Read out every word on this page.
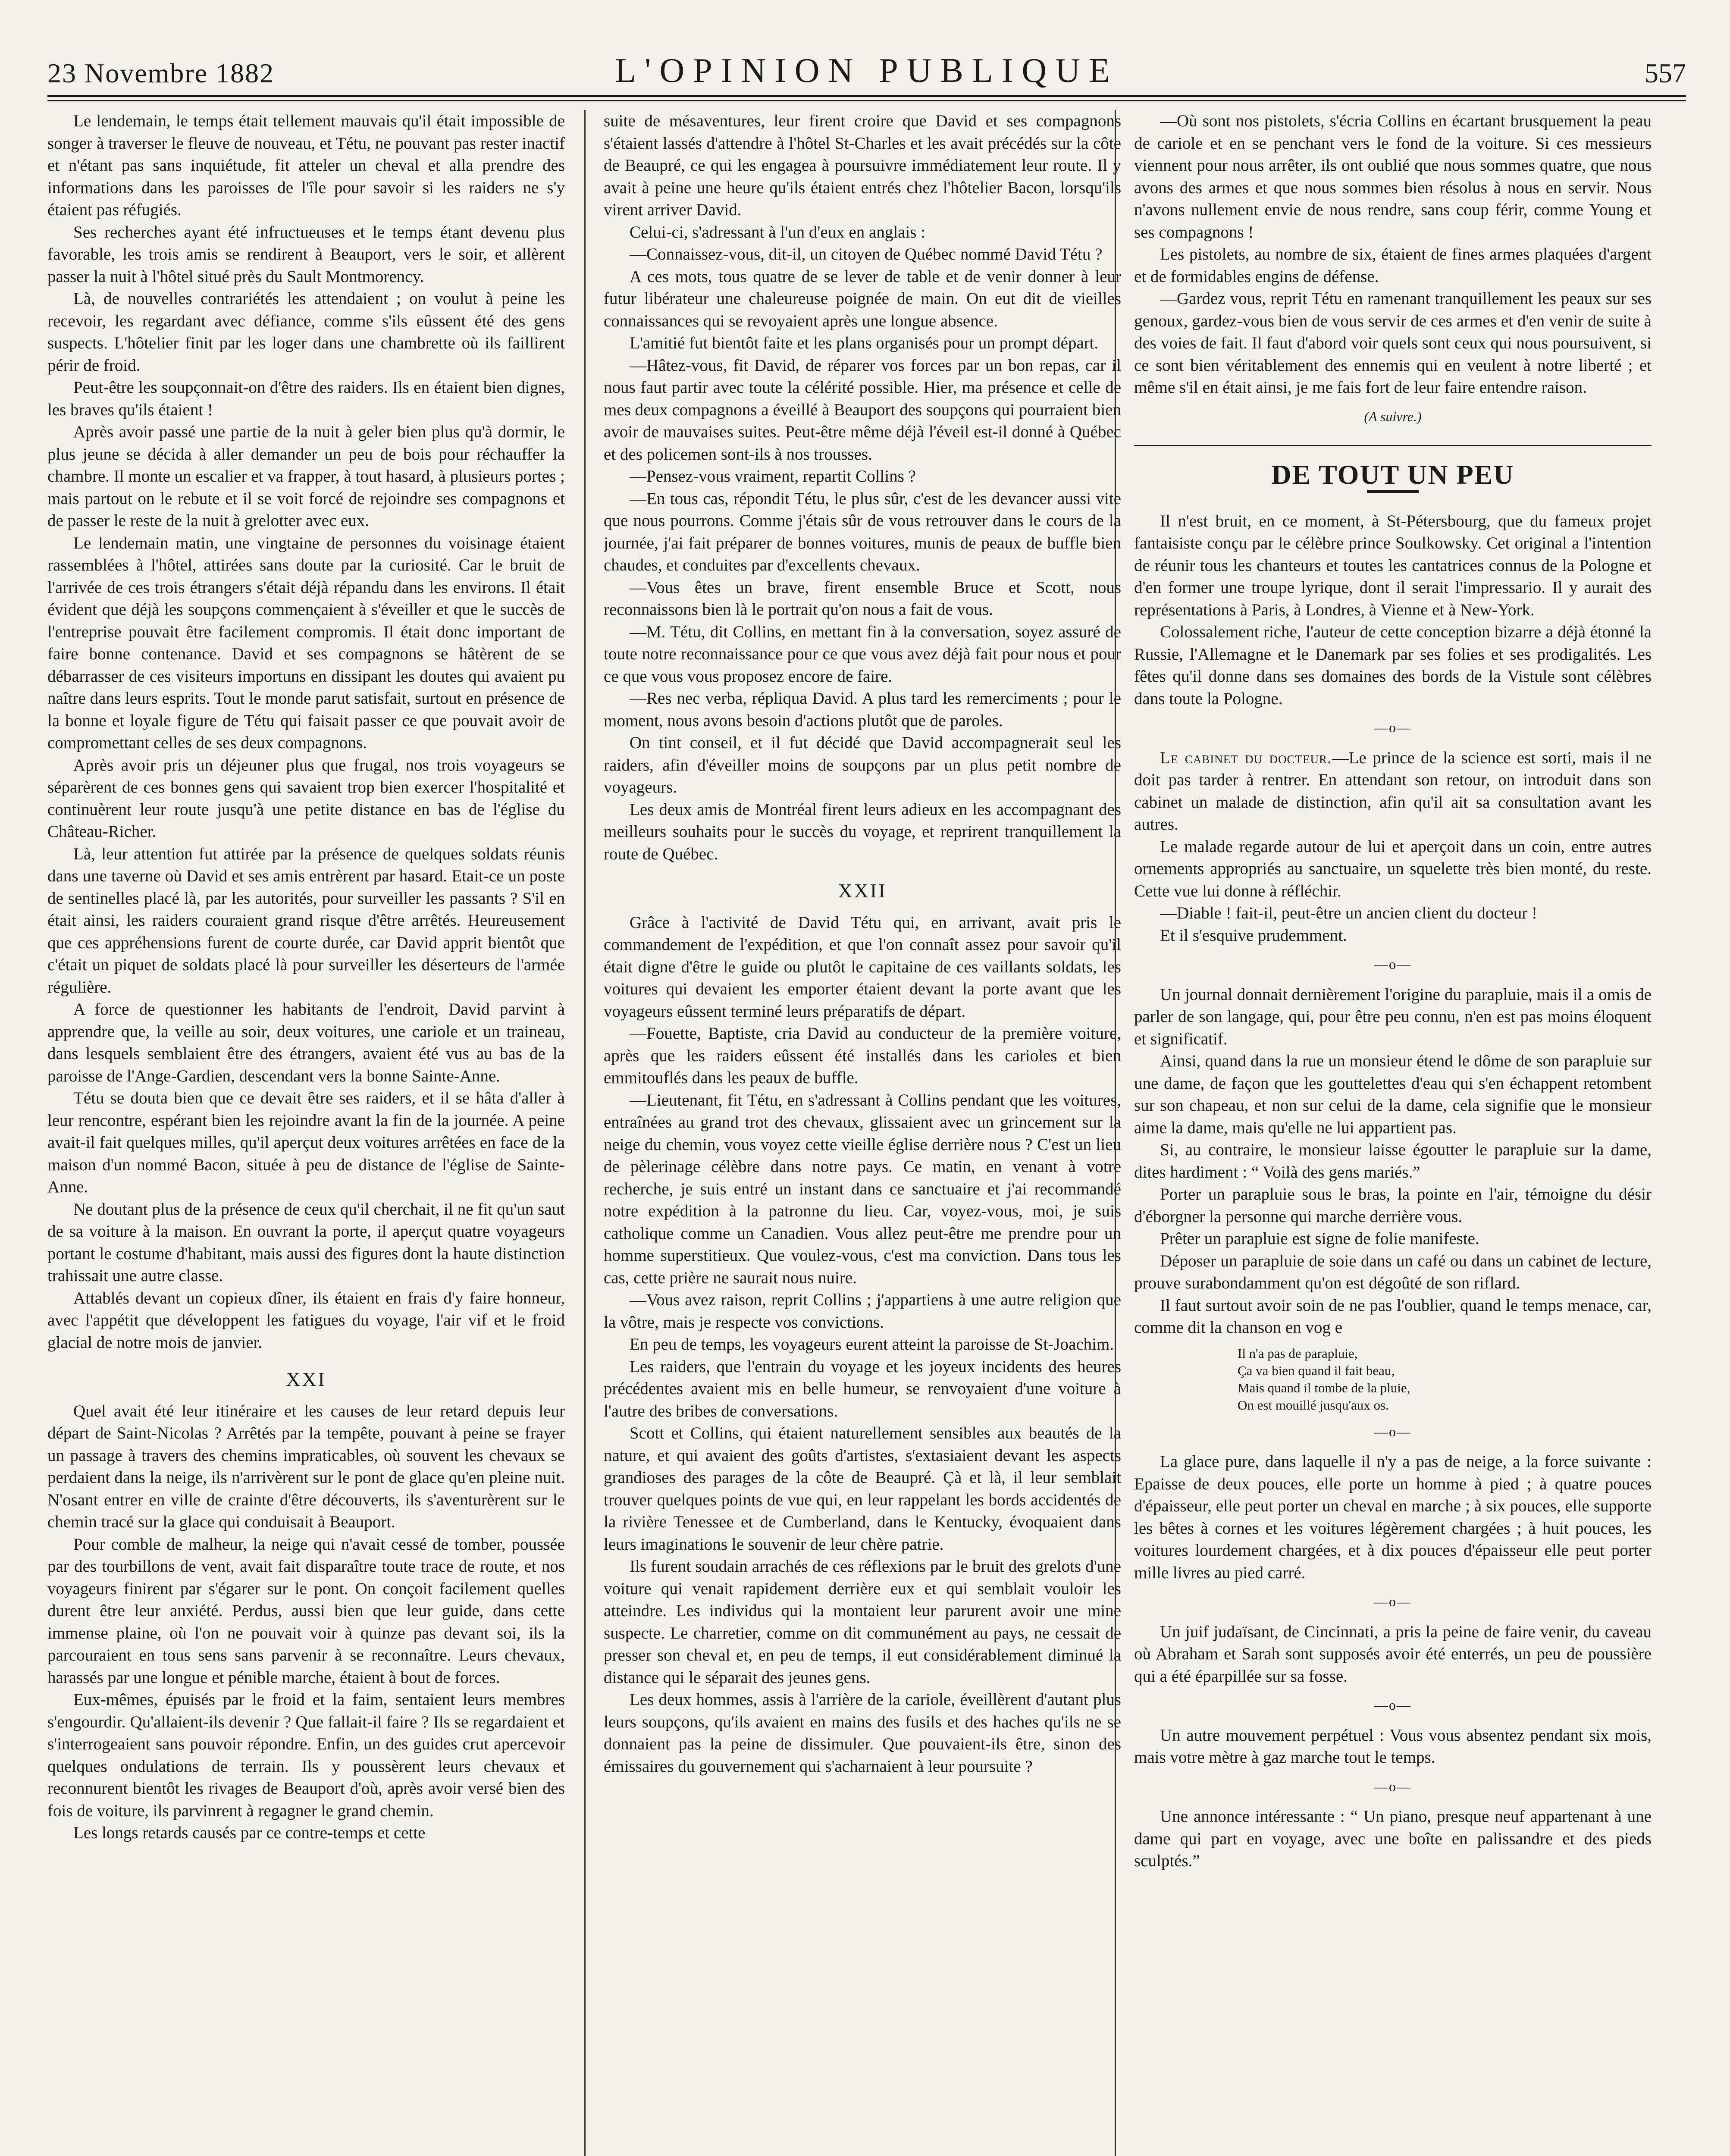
23 Novembre 1882	L'OPINION PUBLIQUE	557

Le lendemain, le temps était tellement mauvais qu'il était impossible de songer à traverser le fleuve de nouveau, et Tétu, ne pouvant pas rester inactif et n'étant pas sans inquiétude, fit atteler un cheval et alla prendre des informations dans les paroisses de l'île pour savoir si les raiders ne s'y étaient pas réfugiés.

Ses recherches ayant été infructueuses et le temps étant devenu plus favorable, les trois amis se rendirent à Beauport, vers le soir, et allèrent passer la nuit à l'hôtel situé près du Sault Montmorency.

Là, de nouvelles contrariétés les attendaient ; on voulut à peine les recevoir, les regardant avec défiance, comme s'ils eûssent été des gens suspects. L'hôtelier finit par les loger dans une chambrette où ils faillirent périr de froid.

Peut-être les soupçonnait-on d'être des raiders. Ils en étaient bien dignes, les braves qu'ils étaient !

Après avoir passé une partie de la nuit à geler bien plus qu'à dormir, le plus jeune se décida à aller demander un peu de bois pour réchauffer la chambre. Il monte un escalier et va frapper, à tout hasard, à plusieurs portes ; mais partout on le rebute et il se voit forcé de rejoindre ses compagnons et de passer le reste de la nuit à grelotter avec eux.

Le lendemain matin, une vingtaine de personnes du voisinage étaient rassemblées à l'hôtel, attirées sans doute par la curiosité. Car le bruit de l'arrivée de ces trois étrangers s'était déjà répandu dans les environs. Il était évident que déjà les soupçons commençaient à s'éveiller et que le succès de l'entreprise pouvait être facilement compromis. Il était donc important de faire bonne contenance. David et ses compagnons se hâtèrent de se débarrasser de ces visiteurs importuns en dissipant les doutes qui avaient pu naître dans leurs esprits. Tout le monde parut satisfait, surtout en présence de la bonne et loyale figure de Tétu qui faisait passer ce que pouvait avoir de compromettant celles de ses deux compagnons.

Après avoir pris un déjeuner plus que frugal, nos trois voyageurs se séparèrent de ces bonnes gens qui savaient trop bien exercer l'hospitalité et continuèrent leur route jusqu'à une petite distance en bas de l'église du Château-Richer.

Là, leur attention fut attirée par la présence de quelques soldats réunis dans une taverne où David et ses amis entrèrent par hasard. Etait-ce un poste de sentinelles placé là, par les autorités, pour surveiller les passants ? S'il en était ainsi, les raiders couraient grand risque d'être arrêtés. Heureusement que ces appréhensions furent de courte durée, car David apprit bientôt que c'était un piquet de soldats placé là pour surveiller les déserteurs de l'armée régulière.

A force de questionner les habitants de l'endroit, David parvint à apprendre que, la veille au soir, deux voitures, une cariole et un traineau, dans lesquels semblaient être des étrangers, avaient été vus au bas de la paroisse de l'Ange-Gardien, descendant vers la bonne Sainte-Anne.

Tétu se douta bien que ce devait être ses raiders, et il se hâta d'aller à leur rencontre, espérant bien les rejoindre avant la fin de la journée. A peine avait-il fait quelques milles, qu'il aperçut deux voitures arrêtées en face de la maison d'un nommé Bacon, située à peu de distance de l'église de Sainte-Anne.

Ne doutant plus de la présence de ceux qu'il cherchait, il ne fit qu'un saut de sa voiture à la maison. En ouvrant la porte, il aperçut quatre voyageurs portant le costume d'habitant, mais aussi des figures dont la haute distinction trahissait une autre classe.

Attablés devant un copieux dîner, ils étaient en frais d'y faire honneur, avec l'appétit que développent les fatigues du voyage, l'air vif et le froid glacial de notre mois de janvier.

XXI

Quel avait été leur itinéraire et les causes de leur retard depuis leur départ de Saint-Nicolas ? Arrêtés par la tempête, pouvant à peine se frayer un passage à travers des chemins impraticables, où souvent les chevaux se perdaient dans la neige, ils n'arrivèrent sur le pont de glace qu'en pleine nuit. N'osant entrer en ville de crainte d'être découverts, ils s'aventurèrent sur le chemin tracé sur la glace qui conduisait à Beauport.

Pour comble de malheur, la neige qui n'avait cessé de tomber, poussée par des tourbillons de vent, avait fait disparaître toute trace de route, et nos voyageurs finirent par s'égarer sur le pont. On conçoit facilement quelles durent être leur anxiété. Perdus, aussi bien que leur guide, dans cette immense plaine, où l'on ne pouvait voir à quinze pas devant soi, ils la parcouraient en tous sens sans parvenir à se reconnaître. Leurs chevaux, harassés par une longue et pénible marche, étaient à bout de forces.

Eux-mêmes, épuisés par le froid et la faim, sentaient leurs membres s'engourdir. Qu'allaient-ils devenir ? Que fallait-il faire ? Ils se regardaient et s'interrogeaient sans pouvoir répondre. Enfin, un des guides crut apercevoir quelques ondulations de terrain. Ils y poussèrent leurs chevaux et reconnurent bientôt les rivages de Beauport d'où, après avoir versé bien des fois de voiture, ils parvinrent à regagner le grand chemin.

Les longs retards causés par ce contre-temps et cette

suite de mésaventures, leur firent croire que David et ses compagnons s'étaient lassés d'attendre à l'hôtel St-Charles et les avait précédés sur la côte de Beaupré, ce qui les engagea à poursuivre immédiatement leur route. Il y avait à peine une heure qu'ils étaient entrés chez l'hôtelier Bacon, lorsqu'ils virent arriver David.

Celui-ci, s'adressant à l'un d'eux en anglais :

—Connaissez-vous, dit-il, un citoyen de Québec nommé David Tétu ?

A ces mots, tous quatre de se lever de table et de venir donner à leur futur libérateur une chaleureuse poignée de main. On eut dit de vieilles connaissances qui se revoyaient après une longue absence.

L'amitié fut bientôt faite et les plans organisés pour un prompt départ.

—Hâtez-vous, fit David, de réparer vos forces par un bon repas, car il nous faut partir avec toute la célérité possible. Hier, ma présence et celle de mes deux compagnons a éveillé à Beauport des soupçons qui pourraient bien avoir de mauvaises suites. Peut-être même déjà l'éveil est-il donné à Québec et des policemen sont-ils à nos trousses.

—Pensez-vous vraiment, repartit Collins ?

—En tous cas, répondit Tétu, le plus sûr, c'est de les devancer aussi vite que nous pourrons. Comme j'étais sûr de vous retrouver dans le cours de la journée, j'ai fait préparer de bonnes voitures, munis de peaux de buffle bien chaudes, et conduites par d'excellents chevaux.

—Vous êtes un brave, firent ensemble Bruce et Scott, nous reconnaissons bien là le portrait qu'on nous a fait de vous.

—M. Tétu, dit Collins, en mettant fin à la conversation, soyez assuré de toute notre reconnaissance pour ce que vous avez déjà fait pour nous et pour ce que vous vous proposez encore de faire.

—Res nec verba, répliqua David. A plus tard les remerciments ; pour le moment, nous avons besoin d'actions plutôt que de paroles.

On tint conseil, et il fut décidé que David accompagnerait seul les raiders, afin d'éveiller moins de soupçons par un plus petit nombre de voyageurs.

Les deux amis de Montréal firent leurs adieux en les accompagnant des meilleurs souhaits pour le succès du voyage, et reprirent tranquillement la route de Québec.

XXII

Grâce à l'activité de David Tétu qui, en arrivant, avait pris le commandement de l'expédition, et que l'on connaît assez pour savoir qu'il était digne d'être le guide ou plutôt le capitaine de ces vaillants soldats, les voitures qui devaient les emporter étaient devant la porte avant que les voyageurs eûssent terminé leurs préparatifs de départ.

—Fouette, Baptiste, cria David au conducteur de la première voiture, après que les raiders eûssent été installés dans les carioles et bien emmitouflés dans les peaux de buffle.

—Lieutenant, fit Tétu, en s'adressant à Collins pendant que les voitures, entraînées au grand trot des chevaux, glissaient avec un grincement sur la neige du chemin, vous voyez cette vieille église derrière nous ? C'est un lieu de pèlerinage célèbre dans notre pays. Ce matin, en venant à votre recherche, je suis entré un instant dans ce sanctuaire et j'ai recommandé notre expédition à la patronne du lieu. Car, voyez-vous, moi, je suis catholique comme un Canadien. Vous allez peut-être me prendre pour un homme superstitieux. Que voulez-vous, c'est ma conviction. Dans tous les cas, cette prière ne saurait nous nuire.

—Vous avez raison, reprit Collins ; j'appartiens à une autre religion que la vôtre, mais je respecte vos convictions.

En peu de temps, les voyageurs eurent atteint la paroisse de St-Joachim.

Les raiders, que l'entrain du voyage et les joyeux incidents des heures précédentes avaient mis en belle humeur, se renvoyaient d'une voiture à l'autre des bribes de conversations.

Scott et Collins, qui étaient naturellement sensibles aux beautés de la nature, et qui avaient des goûts d'artistes, s'extasiaient devant les aspects grandioses des parages de la côte de Beaupré. Çà et là, il leur semblait trouver quelques points de vue qui, en leur rappelant les bords accidentés de la rivière Tenessee et de Cumberland, dans le Kentucky, évoquaient dans leurs imaginations le souvenir de leur chère patrie.

Ils furent soudain arrachés de ces réflexions par le bruit des grelots d'une voiture qui venait rapidement derrière eux et qui semblait vouloir les atteindre. Les individus qui la montaient leur parurent avoir une mine suspecte. Le charretier, comme on dit communément au pays, ne cessait de presser son cheval et, en peu de temps, il eut considérablement diminué la distance qui le séparait des jeunes gens.

Les deux hommes, assis à l'arrière de la cariole, éveillèrent d'autant plus leurs soupçons, qu'ils avaient en mains des fusils et des haches qu'ils ne se donnaient pas la peine de dissimuler. Que pouvaient-ils être, sinon des émissaires du gouvernement qui s'acharnaient à leur poursuite ?

—Où sont nos pistolets, s'écria Collins en écartant brusquement la peau de cariole et en se penchant vers le fond de la voiture. Si ces messieurs viennent pour nous arrêter, ils ont oublié que nous sommes quatre, que nous avons des armes et que nous sommes bien résolus à nous en servir. Nous n'avons nullement envie de nous rendre, sans coup férir, comme Young et ses compagnons !

Les pistolets, au nombre de six, étaient de fines armes plaquées d'argent et de formidables engins de défense.

—Gardez vous, reprit Tétu en ramenant tranquillement les peaux sur ses genoux, gardez-vous bien de vous servir de ces armes et d'en venir de suite à des voies de fait. Il faut d'abord voir quels sont ceux qui nous poursuivent, si ce sont bien véritablement des ennemis qui en veulent à notre liberté ; et même s'il en était ainsi, je me fais fort de leur faire entendre raison.

(A suivre.)
DE TOUT UN PEU

Il n'est bruit, en ce moment, à St-Pétersbourg, que du fameux projet fantaisiste conçu par le célèbre prince Soulkowsky. Cet original a l'intention de réunir tous les chanteurs et toutes les cantatrices connus de la Pologne et d'en former une troupe lyrique, dont il serait l'impressario. Il y aurait des représentations à Paris, à Londres, à Vienne et à New-York.

Colossalement riche, l'auteur de cette conception bizarre a déjà étonné la Russie, l'Allemagne et le Danemark par ses folies et ses prodigalités. Les fêtes qu'il donne dans ses domaines des bords de la Vistule sont célèbres dans toute la Pologne.

—o—

Le cabinet du docteur.—Le prince de la science est sorti, mais il ne doit pas tarder à rentrer. En attendant son retour, on introduit dans son cabinet un malade de distinction, afin qu'il ait sa consultation avant les autres.

Le malade regarde autour de lui et aperçoit dans un coin, entre autres ornements appropriés au sanctuaire, un squelette très bien monté, du reste. Cette vue lui donne à réfléchir.

—Diable ! fait-il, peut-être un ancien client du docteur !

Et il s'esquive prudemment.

—o—

Un journal donnait dernièrement l'origine du parapluie, mais il a omis de parler de son langage, qui, pour être peu connu, n'en est pas moins éloquent et significatif.

Ainsi, quand dans la rue un monsieur étend le dôme de son parapluie sur une dame, de façon que les gouttelettes d'eau qui s'en échappent retombent sur son chapeau, et non sur celui de la dame, cela signifie que le monsieur aime la dame, mais qu'elle ne lui appartient pas.

Si, au contraire, le monsieur laisse égoutter le parapluie sur la dame, dites hardiment : “ Voilà des gens mariés.”

Porter un parapluie sous le bras, la pointe en l'air, témoigne du désir d'éborgner la personne qui marche derrière vous.

Prêter un parapluie est signe de folie manifeste.

Déposer un parapluie de soie dans un café ou dans un cabinet de lecture, prouve surabondamment qu'on est dégoûté de son riflard.

Il faut surtout avoir soin de ne pas l'oublier, quand le temps menace, car, comme dit la chanson en vog e

Il n'a pas de parapluie,
Ça va bien quand il fait beau,
Mais quand il tombe de la pluie,
On est mouillé jusqu'aux os.
—o—

La glace pure, dans laquelle il n'y a pas de neige, a la force suivante : Epaisse de deux pouces, elle porte un homme à pied ; à quatre pouces d'épaisseur, elle peut porter un cheval en marche ; à six pouces, elle supporte les bêtes à cornes et les voitures légèrement chargées ; à huit pouces, les voitures lourdement chargées, et à dix pouces d'épaisseur elle peut porter mille livres au pied carré.

—o—

Un juif judaïsant, de Cincinnati, a pris la peine de faire venir, du caveau où Abraham et Sarah sont supposés avoir été enterrés, un peu de poussière qui a été éparpillée sur sa fosse.

—o—

Un autre mouvement perpétuel : Vous vous absentez pendant six mois, mais votre mètre à gaz marche tout le temps.

—o—

Une annonce intéressante : “ Un piano, presque neuf appartenant à une dame qui part en voyage, avec une boîte en palissandre et des pieds sculptés.”
